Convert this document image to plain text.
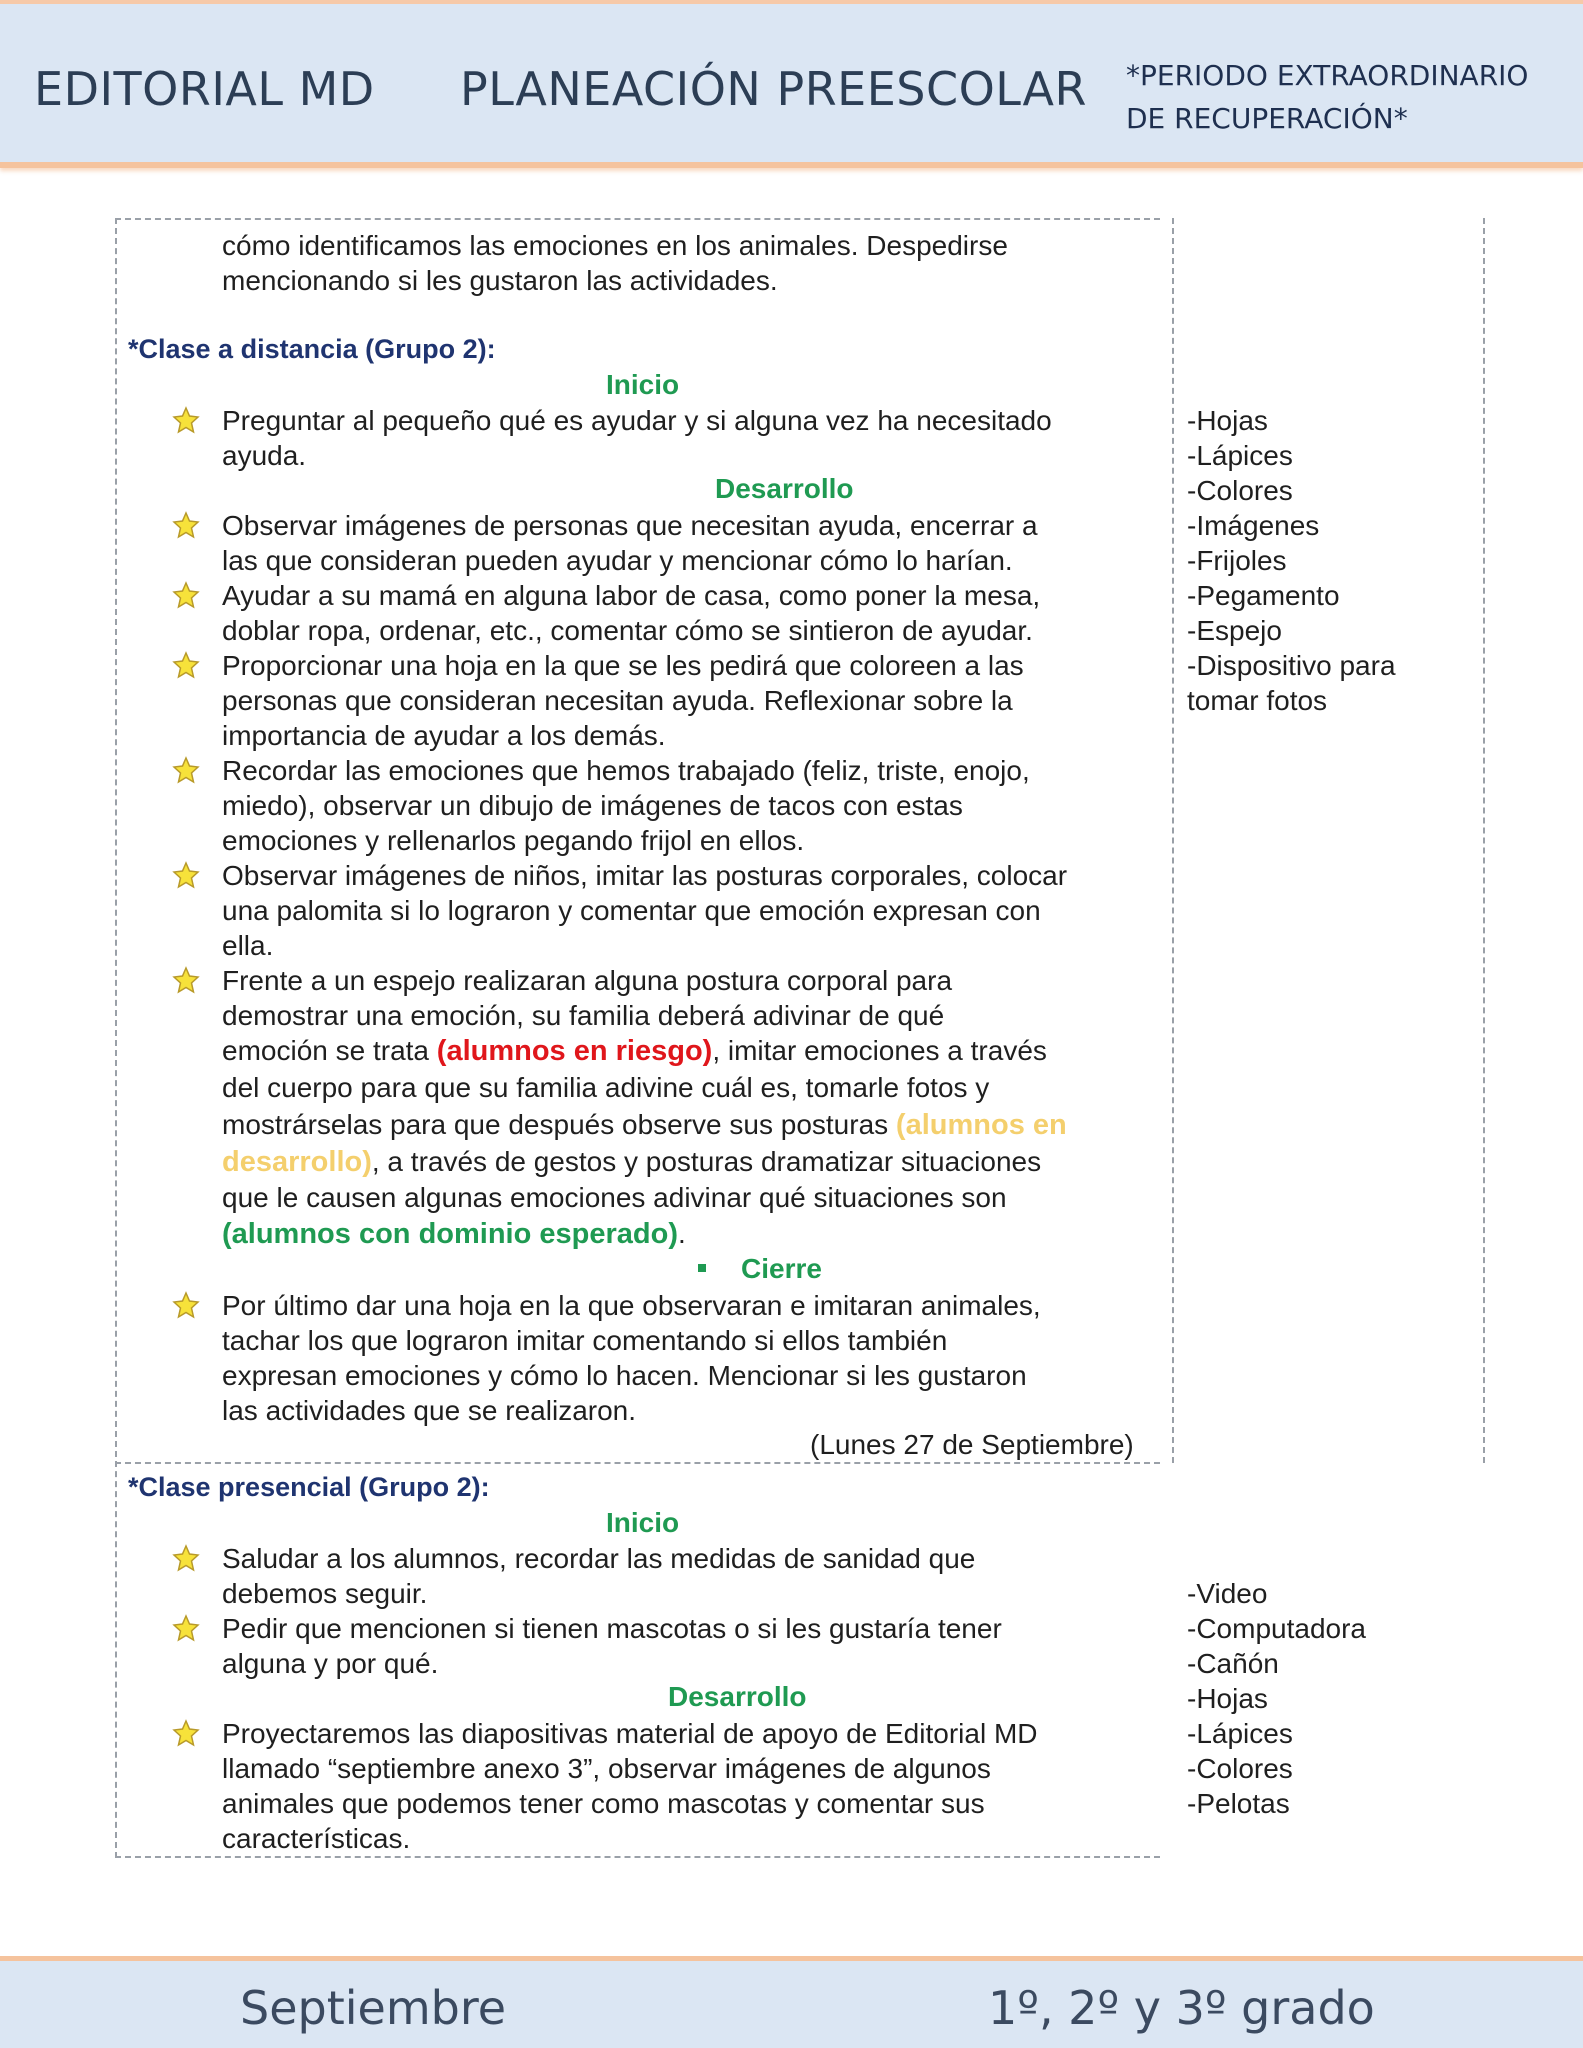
EDITORIAL MD PLANEACIÓN PREESCOLAR *PERIODO EXTRAORDINARIO
DE RECUPERACIÓN*
cómo identificamos las emociones en los animales. Despedirse
mencionando si les gustaron las actividades.
*Clase a distancia (Grupo 2):
Inicio
Preguntar al pequeño qué es ayudar y si alguna vez ha necesitado
ayuda.
Desarrollo
Observar imágenes de personas que necesitan ayuda, encerrar a
las que consideran pueden ayudar y mencionar cómo lo harían.
Ayudar a su mamá en alguna labor de casa, como poner la mesa,
doblar ropa, ordenar, etc., comentar cómo se sintieron de ayudar.
Proporcionar una hoja en la que se les pedirá que coloreen a las
personas que consideran necesitan ayuda. Reflexionar sobre la
importancia de ayudar a los demás.
Recordar las emociones que hemos trabajado (feliz, triste, enojo,
miedo), observar un dibujo de imágenes de tacos con estas
emociones y rellenarlos pegando frijol en ellos.
Observar imágenes de niños, imitar las posturas corporales, colocar
una palomita si lo lograron y comentar que emoción expresan con
ella.
Frente a un espejo realizaran alguna postura corporal para
demostrar una emoción, su familia deberá adivinar de qué
emoción se trata (alumnos en riesgo), imitar emociones a través
del cuerpo para que su familia adivine cuál es, tomarle fotos y
mostrárselas para que después observe sus posturas (alumnos en
desarrollo), a través de gestos y posturas dramatizar situaciones
que le causen algunas emociones adivinar qué situaciones son
(alumnos con dominio esperado).
Cierre
Por último dar una hoja en la que observaran e imitaran animales,
tachar los que lograron imitar comentando si ellos también
expresan emociones y cómo lo hacen. Mencionar si les gustaron
las actividades que se realizaron.
(Lunes 27 de Septiembre)
-Hojas
-Lápices
-Colores
-Imágenes
-Frijoles
-Pegamento
-Espejo
-Dispositivo para
tomar fotos
*Clase presencial (Grupo 2):
Inicio
Saludar a los alumnos, recordar las medidas de sanidad que
debemos seguir.
Pedir que mencionen si tienen mascotas o si les gustaría tener
alguna y por qué.
Desarrollo
Proyectaremos las diapositivas material de apoyo de Editorial MD
llamado “septiembre anexo 3”, observar imágenes de algunos
animales que podemos tener como mascotas y comentar sus
características.
-Video
-Computadora
-Cañón
-Hojas
-Lápices
-Colores
-Pelotas
Septiembre	1º, 2º y 3º grado
